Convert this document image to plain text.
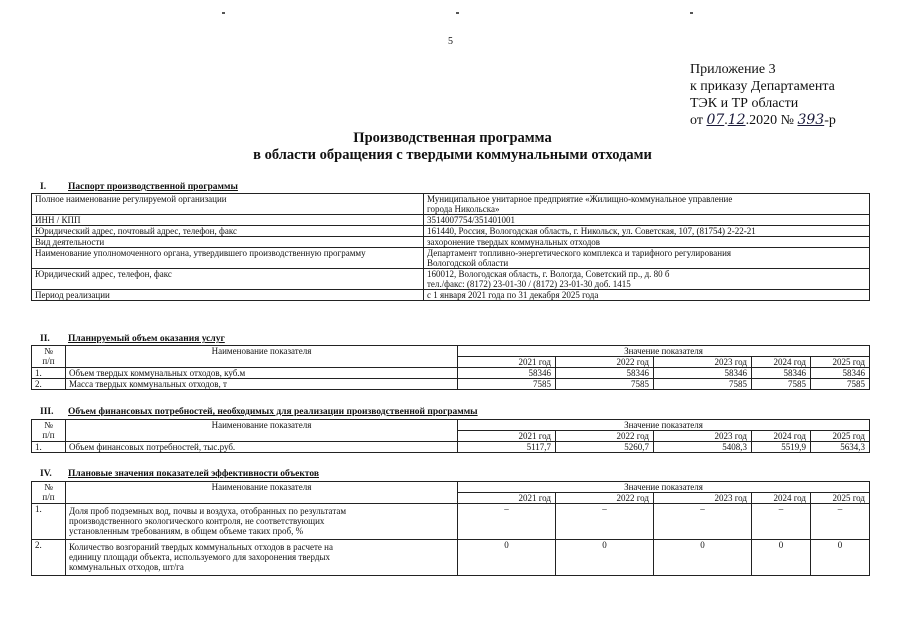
5
Приложение 3
к приказу Департамента
ТЭК и ТР области
от 07.12.2020 № 393-р
Производственная программа
в области обращения с твердыми коммунальными отходами
I. Паспорт производственной программы
Полное наименование регулируемой организации	Муниципальное унитарное предприятие «Жилищно-коммунальное управление
города Никольска»

ИНН / КПП	3514007754/351401001
Юридический адрес, почтовый адрес, телефон, факс	161440, Россия, Вологодская область, г. Никольск, ул. Советская, 107, (81754) 2-22-21
Вид деятельности	захоронение твердых коммунальных отходов
Наименование уполномоченного органа, утвердившего производственную программу	Департамент топливно-энергетического комплекса и тарифного регулирования
Вологодской области

Юридический адрес, телефон, факс	160012, Вологодская область, г. Вологда, Советский пр., д. 80 б
тел./факс: (8172) 23-01-30 / (8172) 23-01-30 доб. 1415

Период реализации	с 1 января 2021 года по 31 декабря 2025 года
II. Планируемый объем оказания услуг
№
п/п	Наименование показателя	Значение показателя				
		2021 год	2022 год	2023 год	2024 год	2025 год
1.	Объем твердых коммунальных отходов, куб.м	58346	58346	58346	58346	58346
2.	Масса твердых коммунальных отходов, т	7585	7585	7585	7585	7585
III. Объем финансовых потребностей, необходимых для реализации производственной программы
№
п/п	Наименование показателя	Значение показателя				
		2021 год	2022 год	2023 год	2024 год	2025 год
1.	Объем финансовых потребностей, тыс.руб.	5117,7	5260,7	5408,3	5519,9	5634,3
IV. Плановые значения показателей эффективности объектов
№
п/п	Наименование показателя	Значение показателя				
		2021 год	2022 год	2023 год	2024 год	2025 год
1.	Доля проб подземных вод, почвы и воздуха, отобранных по результатам
производственного экологического контроля, не соответствующих
установленным требованиям, в общем объеме таких проб, %	–	–	–	–	–
2.	Количество возгораний твердых коммунальных отходов в расчете на
единицу площади объекта, используемого для захоронения твердых
коммунальных отходов, шт/га	0	0	0	0	0
